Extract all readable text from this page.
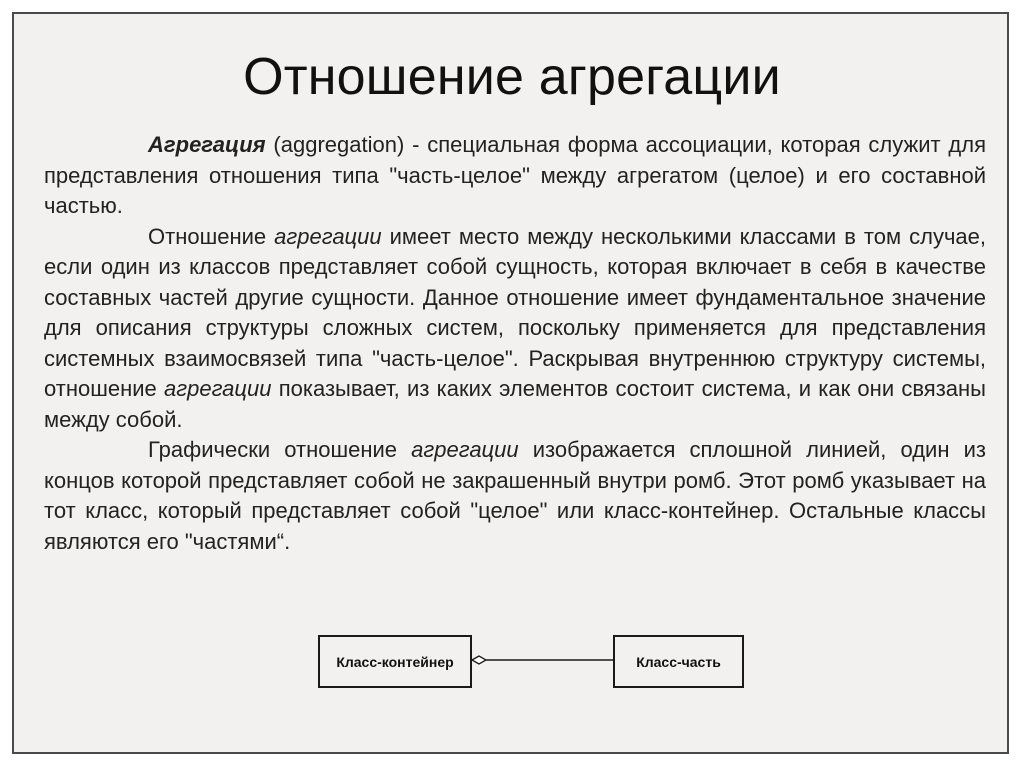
Отношение агрегации

Агрегация (aggregation) - специальная форма ассоциации, которая служит для представления отношения типа "часть-целое" между агрегатом (целое) и его составной частью.

Отношение агрегации имеет место между несколькими классами в том случае, если один из классов представляет собой сущность, которая включает в себя в качестве составных частей другие сущности. Данное отношение имеет фундаментальное значение для описания структуры сложных систем, поскольку применяется для представления системных взаимосвязей типа "часть-целое". Раскрывая внутреннюю структуру системы, отношение агрегации показывает, из каких элементов состоит система, и как они связаны между собой.

Графически отношение агрегации изображается сплошной линией, один из концов которой представляет собой не закрашенный внутри ромб. Этот ромб указывает на тот класс, который представляет собой "целое" или класс-контейнер. Остальные классы являются его "частями“.

Класс-контейнер	Класс-часть
